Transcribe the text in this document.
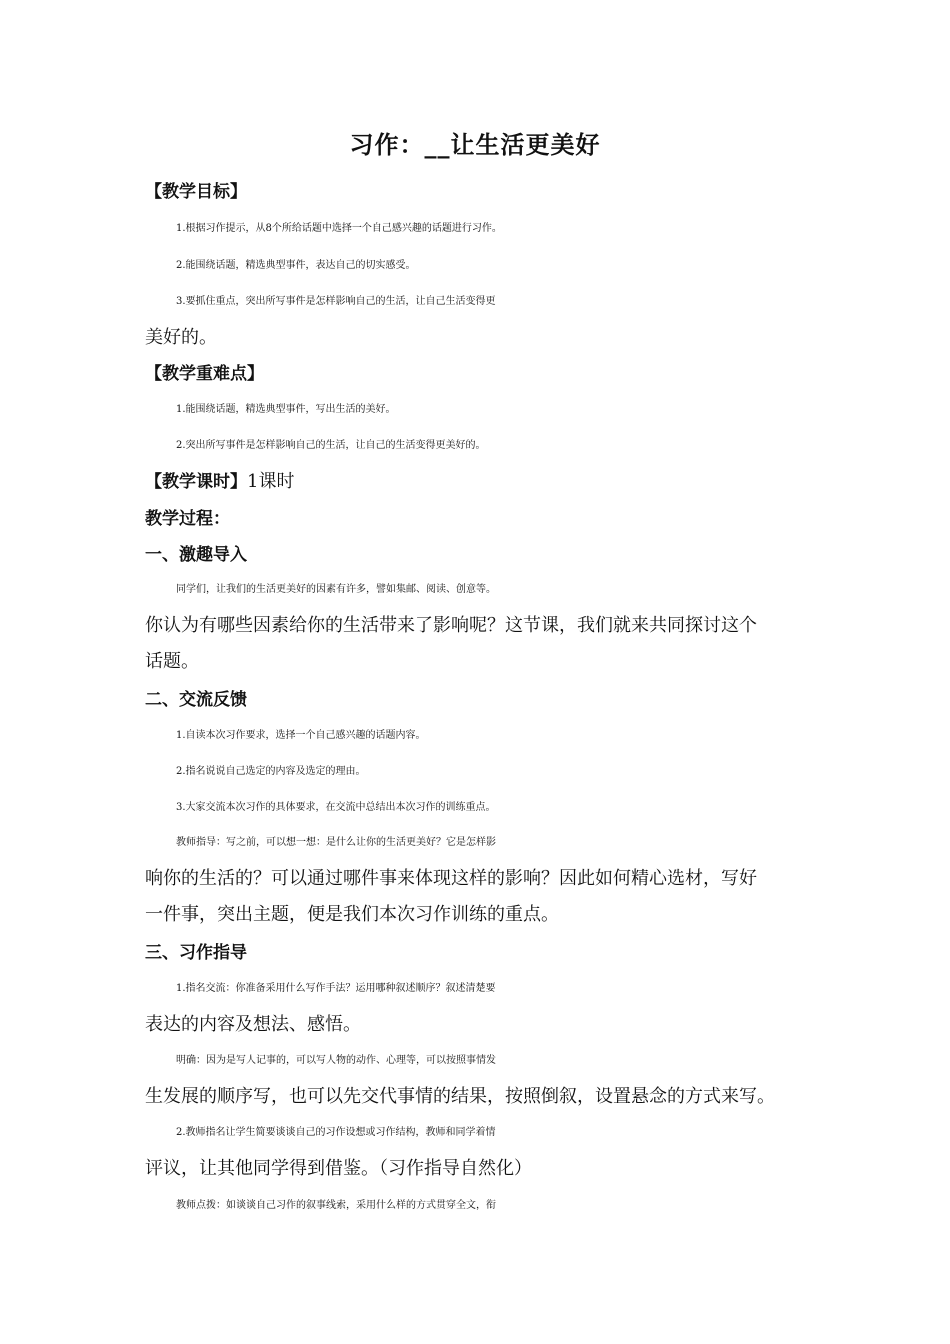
习作：__让生活更美好
【教学目标】
1.根据习作提示，从8个所给话题中选择一个自己感兴趣的话题进行习作。
2.能围绕话题，精选典型事件，表达自己的切实感受。
3.要抓住重点，突出所写事件是怎样影响自己的生活，让自己生活变得更
美好的。
【教学重难点】
1.能围绕话题，精选典型事件，写出生活的美好。
2.突出所写事件是怎样影响自己的生活，让自己的生活变得更美好的。
【教学课时】1课时
教学过程：
一、激趣导入
同学们，让我们的生活更美好的因素有许多，譬如集邮、阅读、创意等。
你认为有哪些因素给你的生活带来了影响呢？这节课，我们就来共同探讨这个
话题。
二、交流反馈
1.自读本次习作要求，选择一个自己感兴趣的话题内容。
2.指名说说自己选定的内容及选定的理由。
3.大家交流本次习作的具体要求，在交流中总结出本次习作的训练重点。
教师指导：写之前，可以想一想：是什么让你的生活更美好？它是怎样影
响你的生活的？可以通过哪件事来体现这样的影响？因此如何精心选材，写好
一件事，突出主题，便是我们本次习作训练的重点。
三、习作指导
1.指名交流：你准备采用什么写作手法？运用哪种叙述顺序？叙述清楚要
表达的内容及想法、感悟。
明确：因为是写人记事的，可以写人物的动作、心理等，可以按照事情发
生发展的顺序写，也可以先交代事情的结果，按照倒叙，设置悬念的方式来写。
2.教师指名让学生简要谈谈自己的习作设想或习作结构，教师和同学着情
评议，让其他同学得到借鉴。（习作指导自然化）
教师点拨：如谈谈自己习作的叙事线索，采用什么样的方式贯穿全文，衔
